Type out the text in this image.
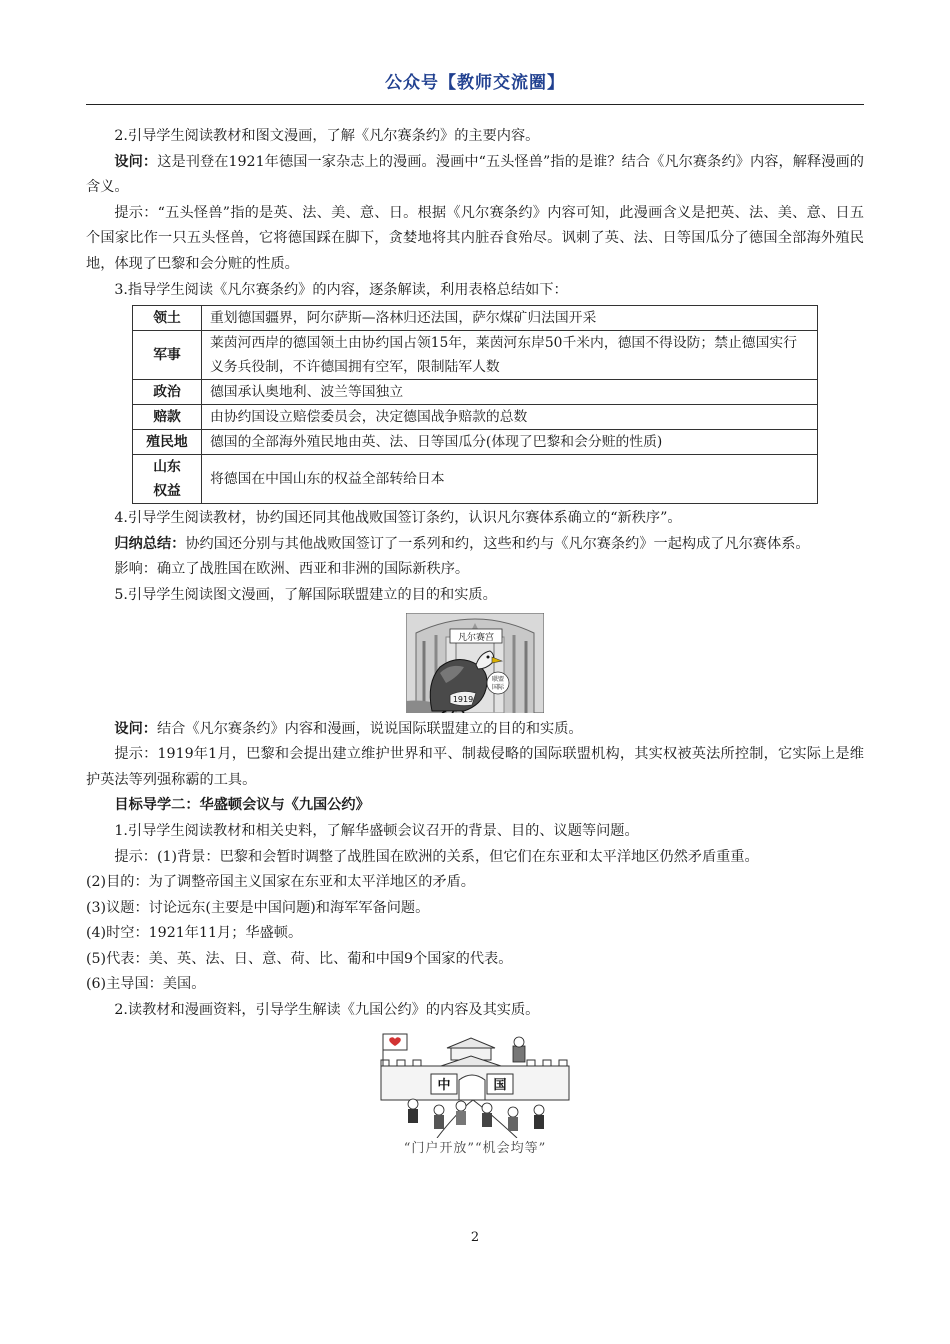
公众号【教师交流圈】

2.引导学生阅读教材和图文漫画，了解《凡尔赛条约》的主要内容。

设问：这是刊登在1921年德国一家杂志上的漫画。漫画中“五头怪兽”指的是谁？结合《凡尔赛条约》内容，解释漫画的含义。

提示：“五头怪兽”指的是英、法、美、意、日。根据《凡尔赛条约》内容可知，此漫画含义是把英、法、美、意、日五个国家比作一只五头怪兽，它将德国踩在脚下，贪婪地将其内脏吞食殆尽。讽刺了英、法、日等国瓜分了德国全部海外殖民地，体现了巴黎和会分赃的性质。

3.指导学生阅读《凡尔赛条约》的内容，逐条解读，利用表格总结如下：

领土	重划德国疆界，阿尔萨斯—洛林归还法国，萨尔煤矿归法国开采
军事	莱茵河西岸的德国领土由协约国占领15年，莱茵河东岸50千米内，德国不得设防；禁止德国实行义务兵役制，不许德国拥有空军，限制陆军人数
政治	德国承认奥地利、波兰等国独立
赔款	由协约国设立赔偿委员会，决定德国战争赔款的总数
殖民地	德国的全部海外殖民地由英、法、日等国瓜分(体现了巴黎和会分赃的性质)
山东
权益	将德国在中国山东的权益全部转给日本

4.引导学生阅读教材，协约国还同其他战败国签订条约，认识凡尔赛体系确立的“新秩序”。

归纳总结：协约国还分别与其他战败国签订了一系列和约，这些和约与《凡尔赛条约》一起构成了凡尔赛体系。

影响：确立了战胜国在欧洲、西亚和非洲的国际新秩序。

5.引导学生阅读图文漫画，了解国际联盟建立的目的和实质。

凡尔赛宫
1919
联盟
国际

设问：结合《凡尔赛条约》内容和漫画，说说国际联盟建立的目的和实质。

提示：1919年1月，巴黎和会提出建立维护世界和平、制裁侵略的国际联盟机构，其实权被英法所控制，它实际上是维护英法等列强称霸的工具。

目标导学二：华盛顿会议与《九国公约》

1.引导学生阅读教材和相关史料，了解华盛顿会议召开的背景、目的、议题等问题。

提示：(1)背景：巴黎和会暂时调整了战胜国在欧洲的关系，但它们在东亚和太平洋地区仍然矛盾重重。

(2)目的：为了调整帝国主义国家在东亚和太平洋地区的矛盾。

(3)议题：讨论远东(主要是中国问题)和海军军备问题。

(4)时空：1921年11月；华盛顿。

(5)代表：美、英、法、日、意、荷、比、葡和中国9个国家的代表。

(6)主导国：美国。

2.读教材和漫画资料，引导学生解读《九国公约》的内容及其实质。

中	国
“门户开放”“机会均等”
2
